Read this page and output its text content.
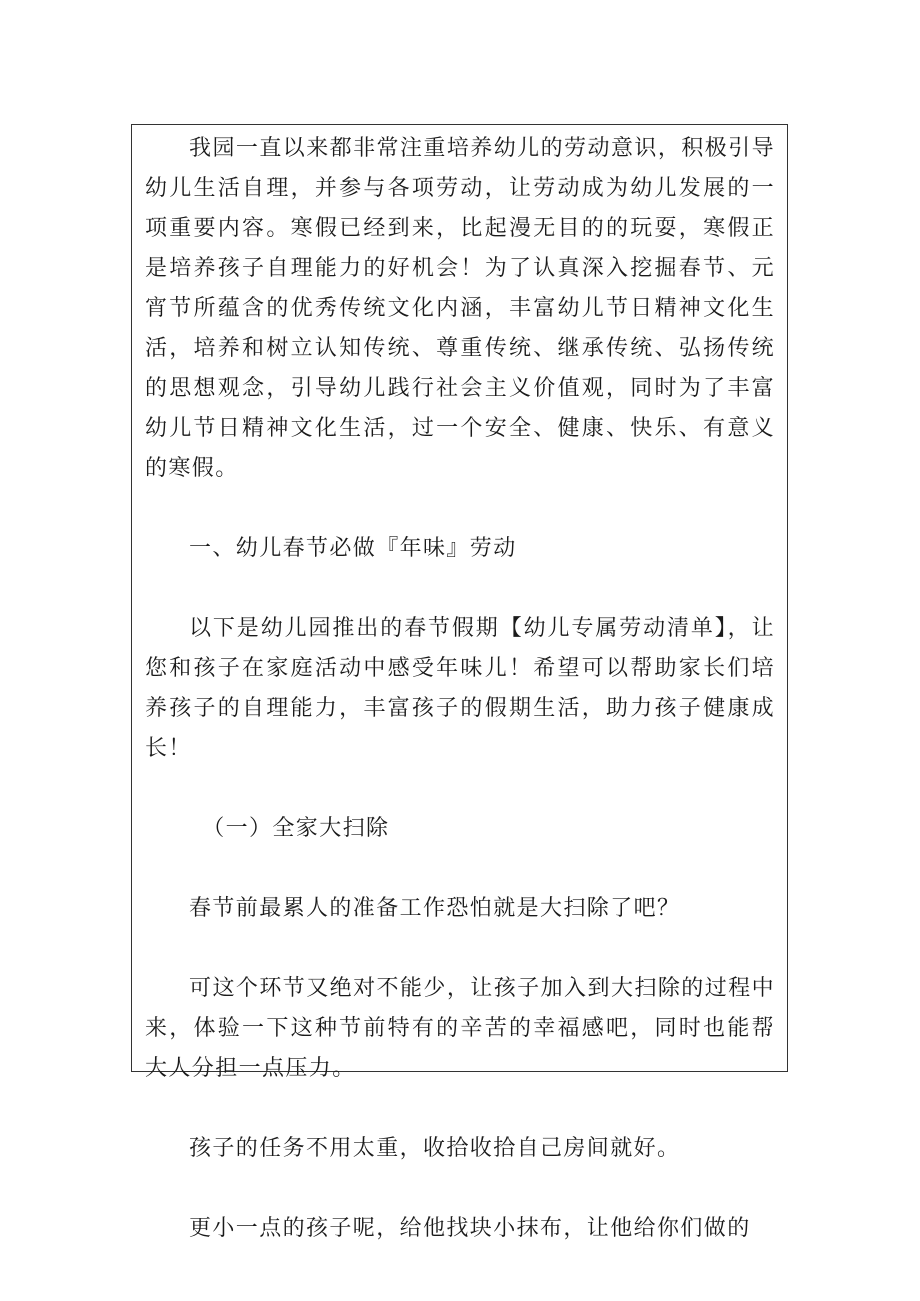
我园一直以来都非常注重培养幼儿的劳动意识，积极引导幼儿生活自理，并参与各项劳动，让劳动成为幼儿发展的一项重要内容。寒假已经到来，比起漫无目的的玩耍，寒假正是培养孩子自理能力的好机会！为了认真深入挖掘春节、元宵节所蕴含的优秀传统文化内涵，丰富幼儿节日精神文化生活，培养和树立认知传统、尊重传统、继承传统、弘扬传统的思想观念，引导幼儿践行社会主义价值观，同时为了丰富幼儿节日精神文化生活，过一个安全、健康、快乐、有意义的寒假。

一、幼儿春节必做『年味』劳动

以下是幼儿园推出的春节假期【幼儿专属劳动清单】，让您和孩子在家庭活动中感受年味儿！希望可以帮助家长们培养孩子的自理能力，丰富孩子的假期生活，助力孩子健康成长！

（一）全家大扫除

春节前最累人的准备工作恐怕就是大扫除了吧？

可这个环节又绝对不能少，让孩子加入到大扫除的过程中来，体验一下这种节前特有的辛苦的幸福感吧，同时也能帮大人分担一点压力。

孩子的任务不用太重，收拾收拾自己房间就好。

更小一点的孩子呢，给他找块小抹布，让他给你们做的
